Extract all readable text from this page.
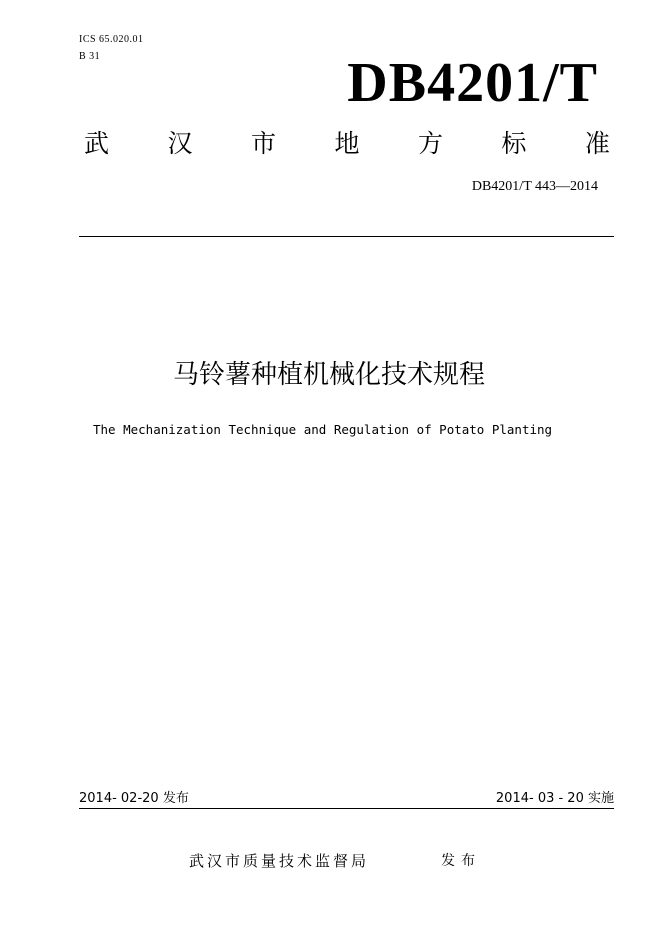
ICS 65.020.01
B 31	DB4201/T
武 汉 市 地 方 标 准
DB4201/T 443—2014
马铃薯种植机械化技术规程
The Mechanization Technique and Regulation of Potato Planting
2014- 02-20 发布	2014- 03 - 20 实施
武汉市质量技术监督局	发布
